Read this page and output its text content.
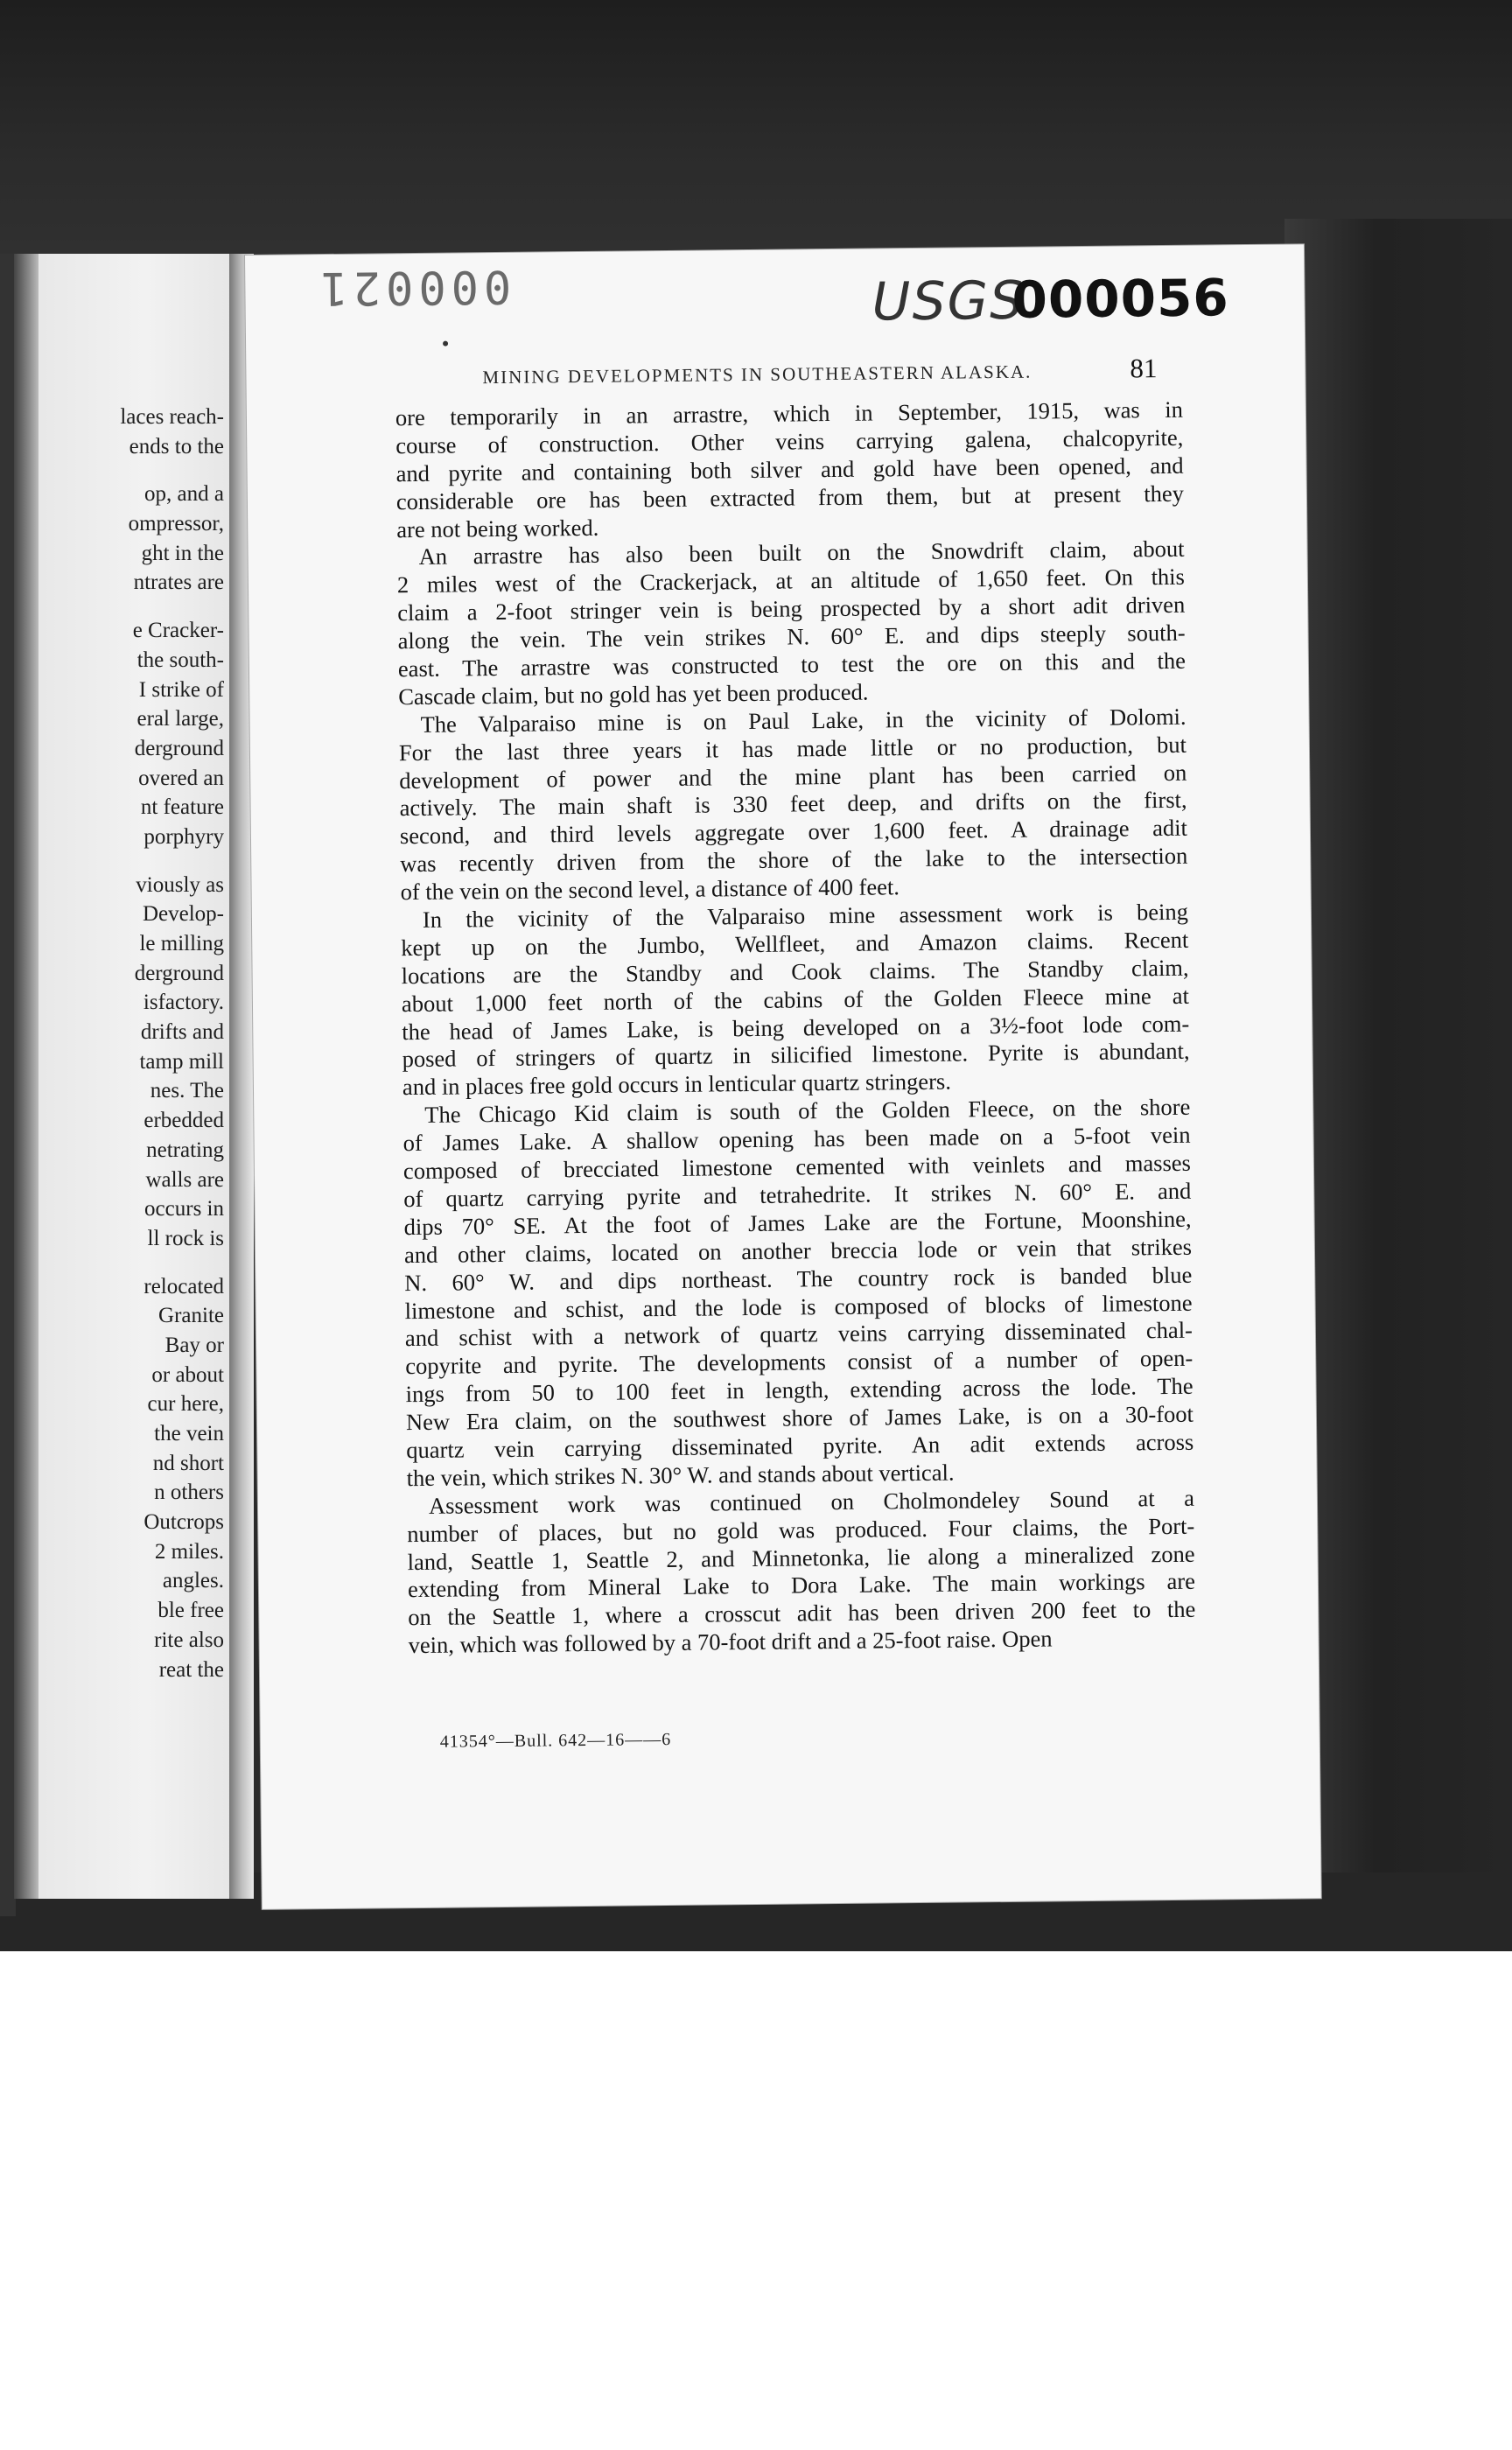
laces reach-
ends to the
op, and a
ompressor,
ght in the
ntrates are
e Cracker-
the south-
I strike of
eral large,
derground
overed an
nt feature
porphyry
viously as
Develop-
le milling
derground
isfactory.
drifts and
tamp mill
nes. The
erbedded
netrating
walls are
occurs in
ll rock is
relocated
Granite
Bay or
or about
cur here,
the vein
nd short
n others
Outcrops
2 miles.
angles.
ble free
rite also
reat the
000021	USGS
000056
MINING DEVELOPMENTS IN SOUTHEASTERN ALASKA.	81
ore temporarily in an arrastre, which in September, 1915, was in
course of construction. Other veins carrying galena, chalcopyrite,
and pyrite and containing both silver and gold have been opened, and
considerable ore has been extracted from them, but at present they
are not being worked.
An arrastre has also been built on the Snowdrift claim, about
2 miles west of the Crackerjack, at an altitude of 1,650 feet. On this
claim a 2-foot stringer vein is being prospected by a short adit driven
along the vein. The vein strikes N. 60° E. and dips steeply south-
east. The arrastre was constructed to test the ore on this and the
Cascade claim, but no gold has yet been produced.
The Valparaiso mine is on Paul Lake, in the vicinity of Dolomi.
For the last three years it has made little or no production, but
development of power and the mine plant has been carried on
actively. The main shaft is 330 feet deep, and drifts on the first,
second, and third levels aggregate over 1,600 feet. A drainage adit
was recently driven from the shore of the lake to the intersection
of the vein on the second level, a distance of 400 feet.
In the vicinity of the Valparaiso mine assessment work is being
kept up on the Jumbo, Wellfleet, and Amazon claims. Recent
locations are the Standby and Cook claims. The Standby claim,
about 1,000 feet north of the cabins of the Golden Fleece mine at
the head of James Lake, is being developed on a 3½-foot lode com-
posed of stringers of quartz in silicified limestone. Pyrite is abundant,
and in places free gold occurs in lenticular quartz stringers.
The Chicago Kid claim is south of the Golden Fleece, on the shore
of James Lake. A shallow opening has been made on a 5-foot vein
composed of brecciated limestone cemented with veinlets and masses
of quartz carrying pyrite and tetrahedrite. It strikes N. 60° E. and
dips 70° SE. At the foot of James Lake are the Fortune, Moonshine,
and other claims, located on another breccia lode or vein that strikes
N. 60° W. and dips northeast. The country rock is banded blue
limestone and schist, and the lode is composed of blocks of limestone
and schist with a network of quartz veins carrying disseminated chal-
copyrite and pyrite. The developments consist of a number of open-
ings from 50 to 100 feet in length, extending across the lode. The
New Era claim, on the southwest shore of James Lake, is on a 30-foot
quartz vein carrying disseminated pyrite. An adit extends across
the vein, which strikes N. 30° W. and stands about vertical.
Assessment work was continued on Cholmondeley Sound at a
number of places, but no gold was produced. Four claims, the Port-
land, Seattle 1, Seattle 2, and Minnetonka, lie along a mineralized zone
extending from Mineral Lake to Dora Lake. The main workings are
on the Seattle 1, where a crosscut adit has been driven 200 feet to the
vein, which was followed by a 70-foot drift and a 25-foot raise. Open
41354°—Bull. 642—16——6
